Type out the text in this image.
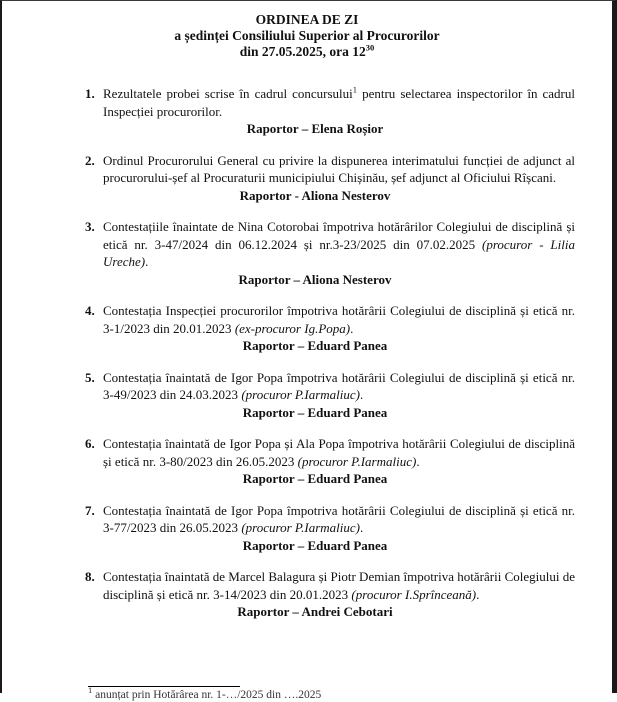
ORDINEA DE ZI
a ședinței Consiliului Superior al Procurorilor
din 27.05.2025, ora $12^{30}$
1. Rezultatele probei scrise în cadrul concursului$^1$ pentru selectarea inspectorilor în cadrul Inspecției procurorilor.
Raportor – Elena Roșior
2. Ordinul Procurorului General cu privire la dispunerea interimatului funcției de adjunct al procurorului-șef al Procuraturii municipiului Chișinău, șef adjunct al Oficiului Rîșcani.
Raportor - Aliona Nesterov
3. Contestațiile înaintate de Nina Cotorobai împotriva hotărârilor Colegiului de disciplină și etică nr. 3-47/2024 din 06.12.2024 și nr.3-23/2025 din 07.02.2025 (procuror - Lilia Ureche).
Raportor – Aliona Nesterov
4. Contestația Inspecției procurorilor împotriva hotărârii Colegiului de disciplină și etică nr. 3-1/2023 din 20.01.2023 (ex-procuror Ig.Popa).
Raportor – Eduard Panea
5. Contestația înaintată de Igor Popa împotriva hotărârii Colegiului de disciplină și etică nr. 3-49/2023 din 24.03.2023 (procuror P.Iarmaliuc).
Raportor – Eduard Panea
6. Contestația înaintată de Igor Popa și Ala Popa împotriva hotărârii Colegiului de disciplină și etică nr. 3-80/2023 din 26.05.2023 (procuror P.Iarmaliuc).
Raportor – Eduard Panea
7. Contestația înaintată de Igor Popa împotriva hotărârii Colegiului de disciplină și etică nr. 3-77/2023 din 26.05.2023 (procuror P.Iarmaliuc).
Raportor – Eduard Panea
8. Contestația înaintată de Marcel Balagura și Piotr Demian împotriva hotărârii Colegiului de disciplină și etică nr. 3-14/2023 din 20.01.2023 (procuror I.Sprînceană).
Raportor – Andrei Cebotari
$^1$ anunțat prin Hotărârea nr. 1-…/2025 din ….2025
